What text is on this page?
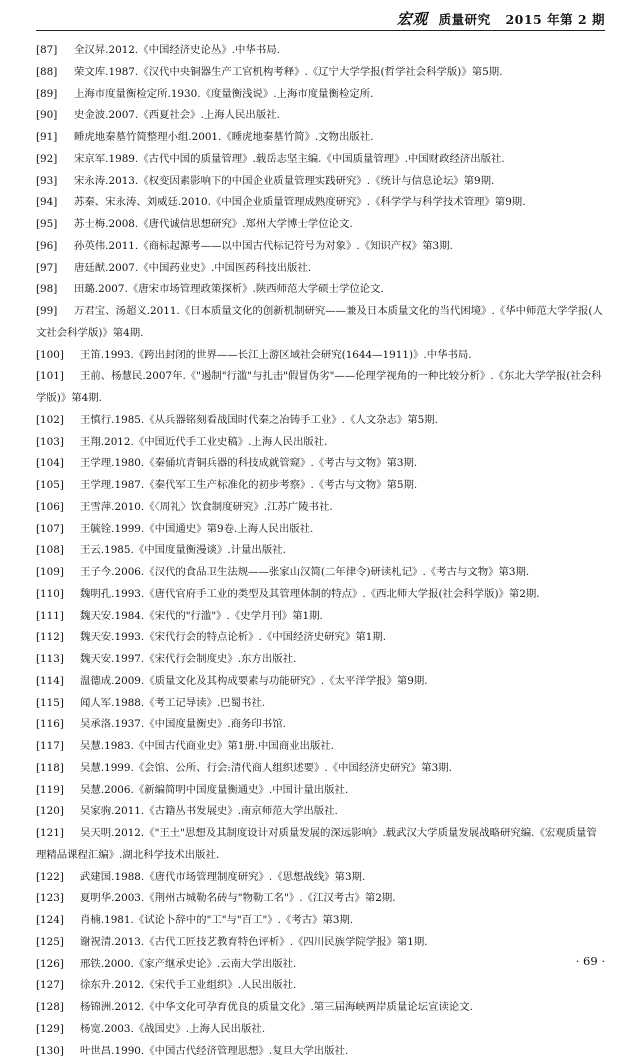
宏观 质量研究 2015 年第 2 期
[87] 全汉昇.2012.《中国经济史论丛》.中华书局.
[88] 荣文库.1987.《汉代中央铜器生产工官机构考释》.《辽宁大学学报(哲学社会科学版)》第5期.
[89] 上海市度量衡检定所.1930.《度量衡浅说》.上海市度量衡检定所.
[90] 史金波.2007.《西夏社会》.上海人民出版社.
[91] 睡虎地秦墓竹简整理小组.2001.《睡虎地秦墓竹简》.文物出版社.
[92] 宋京军.1989.《古代中国的质量管理》.载岳志坚主编.《中国质量管理》.中国财政经济出版社.
[93] 宋永涛.2013.《权变因素影响下的中国企业质量管理实践研究》.《统计与信息论坛》第9期.
[94] 苏秦、宋永涛、刘威廷.2010.《中国企业质量管理成熟度研究》.《科学学与科学技术管理》第9期.
[95] 苏士梅.2008.《唐代诚信思想研究》.郑州大学博士学位论文.
[96] 孙英伟.2011.《商标起源考——以中国古代标记符号为对象》.《知识产权》第3期.
[97] 唐廷猷.2007.《中国药业史》.中国医药科技出版社.
[98] 田璐.2007.《唐宋市场管理政策探析》.陕西师范大学硕士学位论文.
[99] 万君宝、汤超义.2011.《日本质量文化的创新机制研究——兼及日本质量文化的当代困境》.《华中师范大学学报(人文社会科学版)》第4期.
[100] 王笛.1993.《跨出封闭的世界——长江上游区域社会研究(1644—1911)》.中华书局.
[101] 王前、杨慧民.2007年.《"遏制"行滥"与扎击"假冒伪劣"——伦理学视角的一种比较分析》.《东北大学学报(社会科学版)》第4期.
[102] 王慎行.1985.《从兵器铭刻看战国时代秦之冶铸手工业》.《人文杂志》第5期.
[103] 王翔.2012.《中国近代手工业史稿》.上海人民出版社.
[104] 王学理.1980.《秦俑坑青铜兵器的科技成就管窥》.《考古与文物》第3期.
[105] 王学理.1987.《秦代军工生产标准化的初步考察》.《考古与文物》第5期.
[106] 王雪萍.2010.《〈周礼〉饮食制度研究》.江苏广陵书社.
[107] 王毓铨.1999.《中国通史》第9卷.上海人民出版社.
[108] 王云.1985.《中国度量衡漫谈》.计量出版社.
[109] 王子今.2006.《汉代的食品卫生法规——张家山汉简(二年律令)研读札记》.《考古与文物》第3期.
[110] 魏明孔.1993.《唐代官府手工业的类型及其管理体制的特点》.《西北师大学报(社会科学版)》第2期.
[111] 魏天安.1984.《宋代的"行滥"》.《史学月刊》第1期.
[112] 魏天安.1993.《宋代行会的特点论析》.《中国经济史研究》第1期.
[113] 魏天安.1997.《宋代行会制度史》.东方出版社.
[114] 温德成.2009.《质量文化及其构成要素与功能研究》.《太平洋学报》第9期.
[115] 闻人军.1988.《考工记导读》.巴蜀书社.
[116] 吴承洛.1937.《中国度量衡史》.商务印书馆.
[117] 吴慧.1983.《中国古代商业史》第1册.中国商业出版社.
[118] 吴慧.1999.《会馆、公所、行会:清代商人组织述要》.《中国经济史研究》第3期.
[119] 吴慧.2006.《新编简明中国度量衡通史》.中国计量出版社.
[120] 吴家驹.2011.《古籍丛书发展史》.南京师范大学出版社.
[121] 吴天明.2012.《"王土"思想及其制度设计对质量发展的深远影响》.载武汉大学质量发展战略研究编.《宏观质量管理精品课程汇编》.湖北科学技术出版社.
[122] 武建国.1988.《唐代市场管理制度研究》.《思想战线》第3期.
[123] 夏明华.2003.《荆州古城勒名砖与"物勒工名"》.《江汉考古》第2期.
[124] 肖楠.1981.《试论卜辞中的"工"与"百工"》.《考古》第3期.
[125] 谢祝清.2013.《古代工匠技艺教育特色评析》.《四川民族学院学报》第1期.
[126] 邢铁.2000.《家产继承史论》.云南大学出版社.
[127] 徐东升.2012.《宋代手工业组织》.人民出版社.
[128] 杨锦洲.2012.《中华文化可孕育优良的质量文化》.第三届海峡两岸质量论坛宣读论文.
[129] 杨宽.2003.《战国史》.上海人民出版社.
[130] 叶世昌.1990.《中国古代经济管理思想》.复旦大学出版社.
· 69 ·
